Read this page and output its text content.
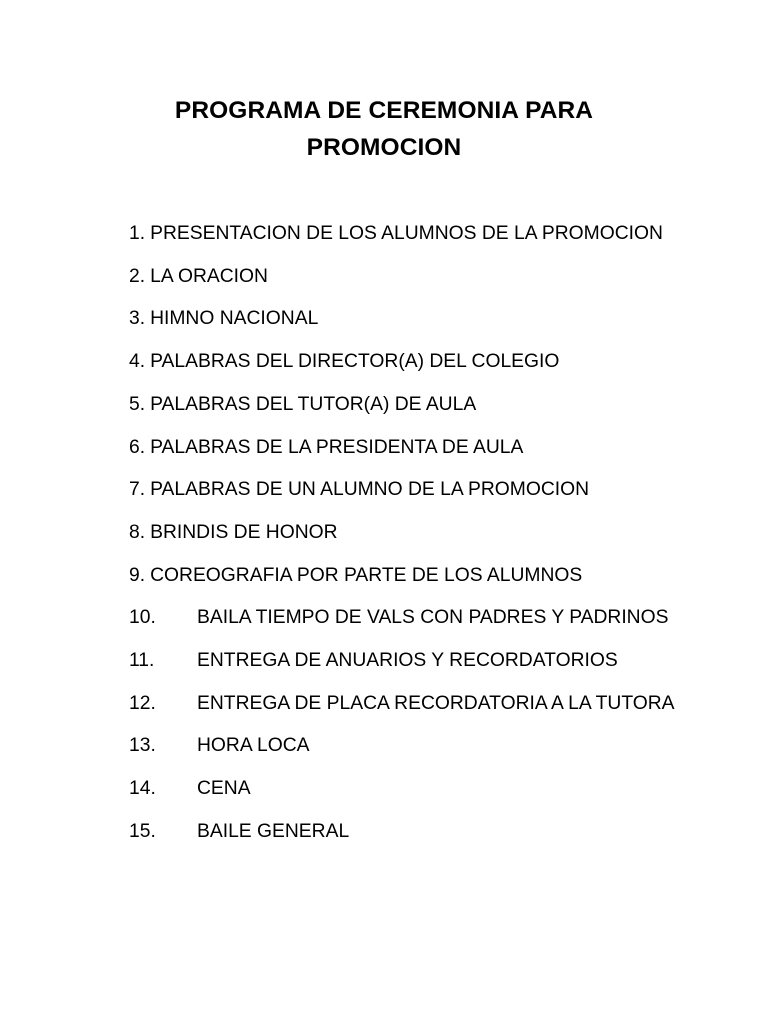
PROGRAMA DE CEREMONIA PARA
PROMOCION
1. PRESENTACION DE LOS ALUMNOS DE LA PROMOCION
2. LA ORACION
3. HIMNO NACIONAL
4. PALABRAS DEL DIRECTOR(A) DEL COLEGIO
5. PALABRAS DEL TUTOR(A) DE AULA
6. PALABRAS DE LA PRESIDENTA DE AULA
7. PALABRAS DE UN ALUMNO DE LA PROMOCION
8. BRINDIS DE HONOR
9. COREOGRAFIA POR PARTE DE LOS ALUMNOS
10. BAILA TIEMPO DE VALS CON PADRES Y PADRINOS
11. ENTREGA DE ANUARIOS Y RECORDATORIOS
12. ENTREGA DE PLACA RECORDATORIA A LA TUTORA
13. HORA LOCA
14. CENA
15. BAILE GENERAL
